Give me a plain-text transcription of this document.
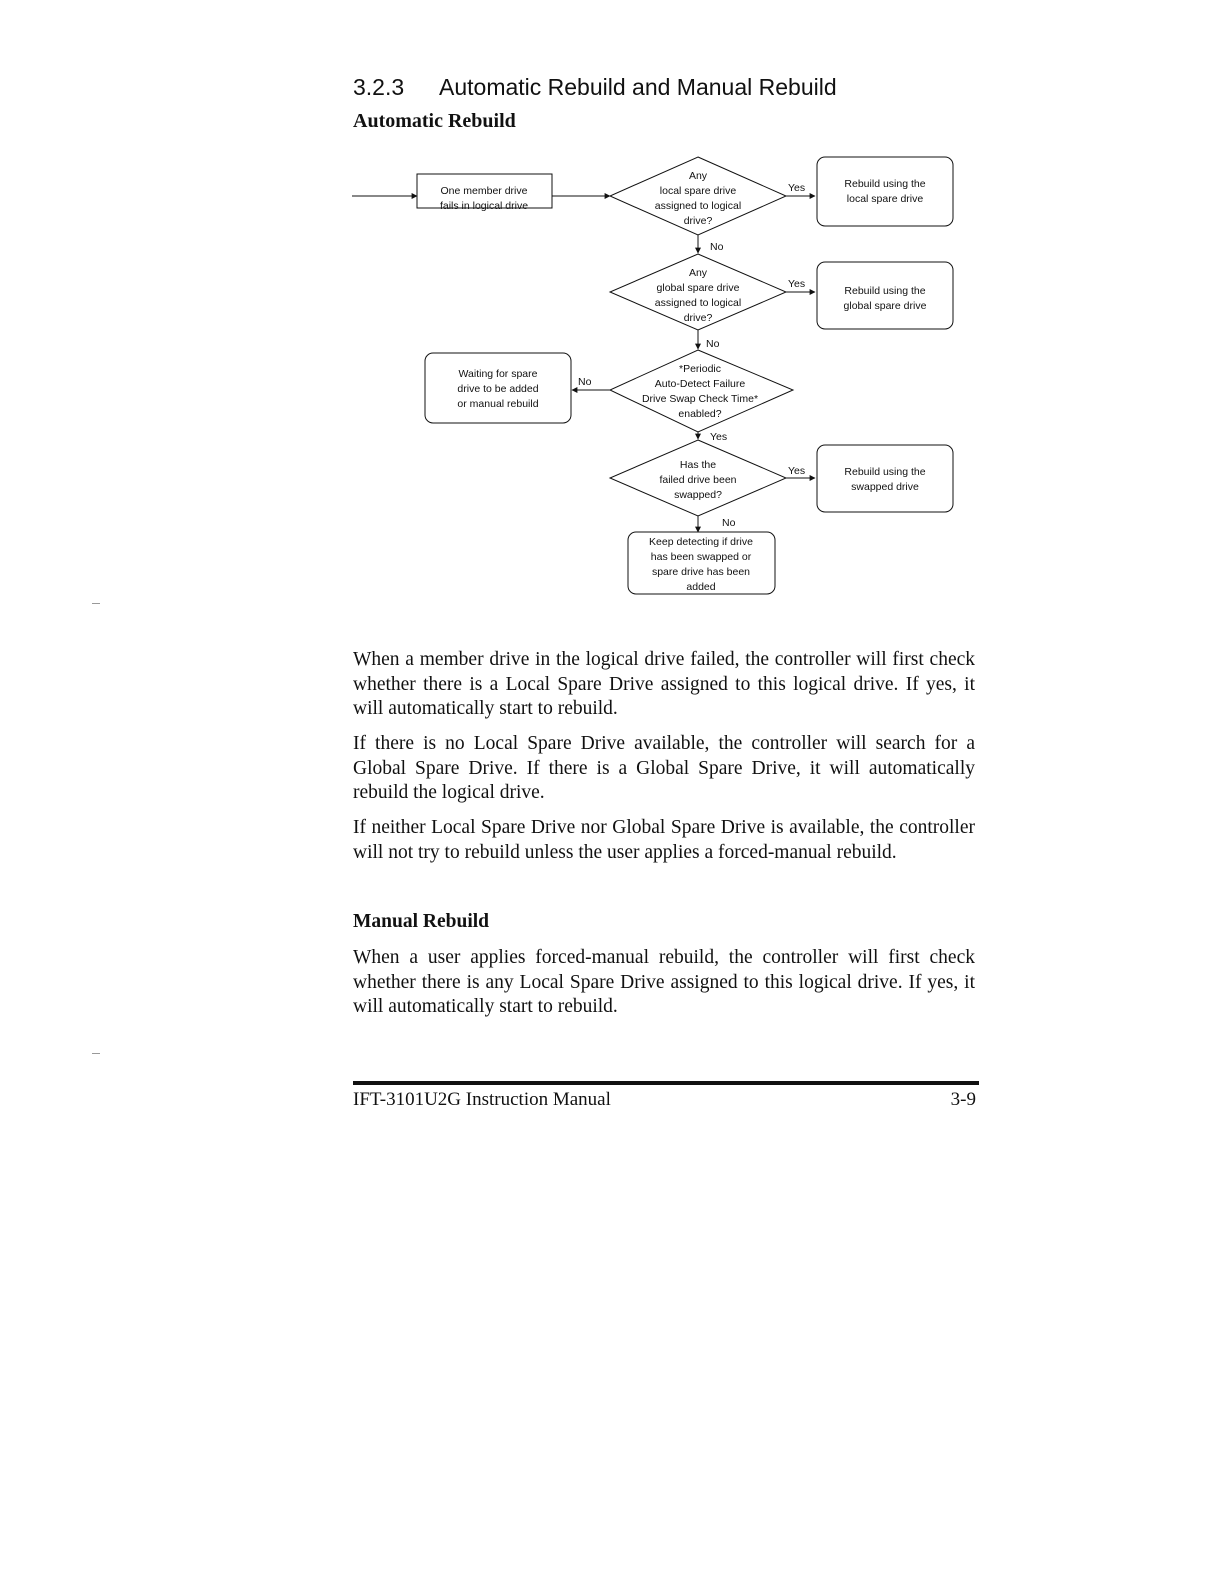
3.2.3 Automatic Rebuild and Manual Rebuild
Automatic Rebuild
One member drive
fails in logical drive
Any
local spare drive
assigned to logical
drive?
Any
global spare drive
assigned to logical
drive?
*Periodic
Auto-Detect Failure
Drive Swap Check Time*
enabled?
Has the
failed drive been
swapped?
Rebuild using the
local spare drive
Rebuild using the
global spare drive
Rebuild using the
swapped drive
Waiting for spare
drive to be added
or manual rebuild
Keep detecting if drive
has been swapped or
spare drive has been
added
Yes
Yes
Yes
Yes
No
No
No
No

When a member drive in the logical drive failed, the controller will first check whether there is a Local Spare Drive assigned to this logical drive. If yes, it will automatically start to rebuild.

If there is no Local Spare Drive available, the controller will search for a Global Spare Drive. If there is a Global Spare Drive, it will automatically rebuild the logical drive.

If neither Local Spare Drive nor Global Spare Drive is available, the controller will not try to rebuild unless the user applies a forced-manual rebuild.

Manual Rebuild

When a user applies forced-manual rebuild, the controller will first check whether there is any Local Spare Drive assigned to this logical drive. If yes, it will automatically start to rebuild.

IFT-3101U2G Instruction Manual	3-9
